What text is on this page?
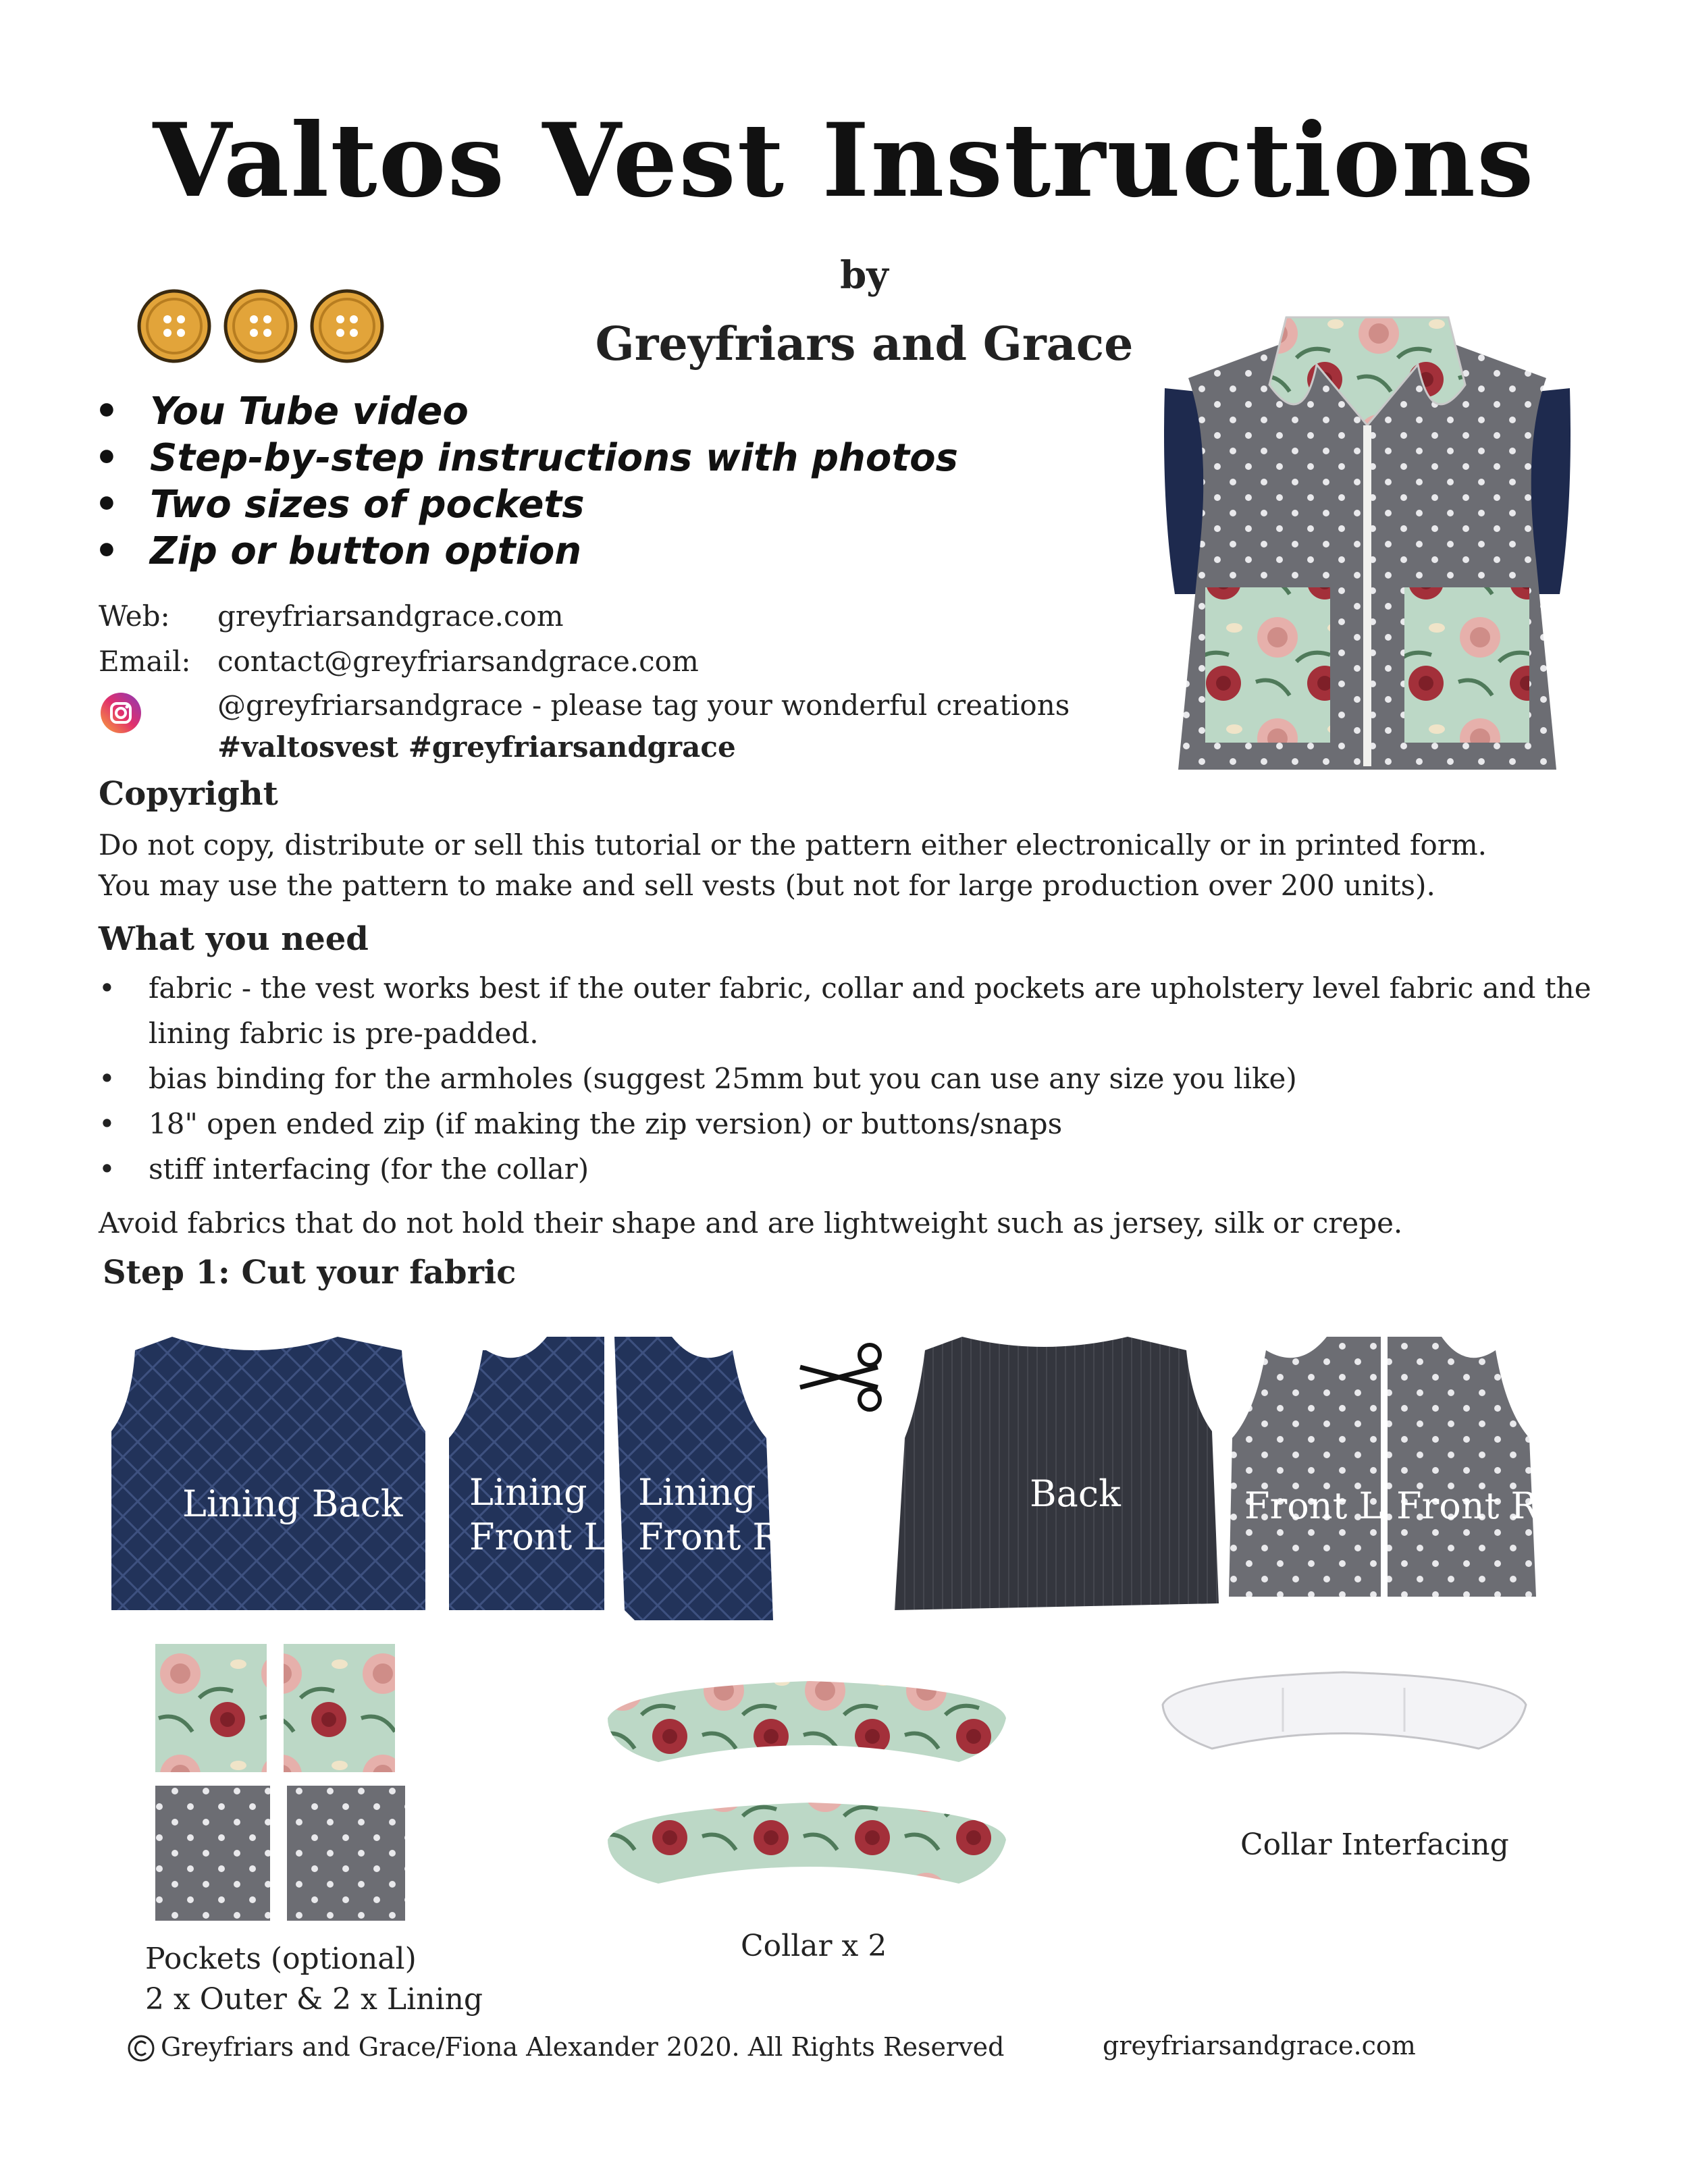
Valtos Vest Instructions
by
Greyfriars and Grace
• You Tube video
• Step-by-step instructions with photos
• Two sizes of pockets
• Zip or button option
Web: greyfriarsandgrace.com
Email: contact@greyfriarsandgrace.com
@greyfriarsandgrace - please tag your wonderful creations
#valtosvest #greyfriarsandgrace
Copyright
Do not copy, distribute or sell this tutorial or the pattern either electronically or in printed form.
You may use the pattern to make and sell vests (but not for large production over 200 units).
What you need
• fabric - the vest works best if the outer fabric, collar and pockets are upholstery level fabric and the lining fabric is pre-padded.
• bias binding for the armholes (suggest 25mm but you can use any size you like)
• 18" open ended zip (if making the zip version) or buttons/snaps
• stiff interfacing (for the collar)
Avoid fabrics that do not hold their shape and are lightweight such as jersey, silk or crepe.
Step 1: Cut your fabric
Lining Back Lining
Front L
Lining
Front R
Back	Front L Front R
Pockets (optional)
2 x Outer & 2 x Lining
Collar x 2
Collar Interfacing
Greyfriars and Grace/Fiona Alexander 2020. All Rights Reserved	greyfriarsandgrace.com
